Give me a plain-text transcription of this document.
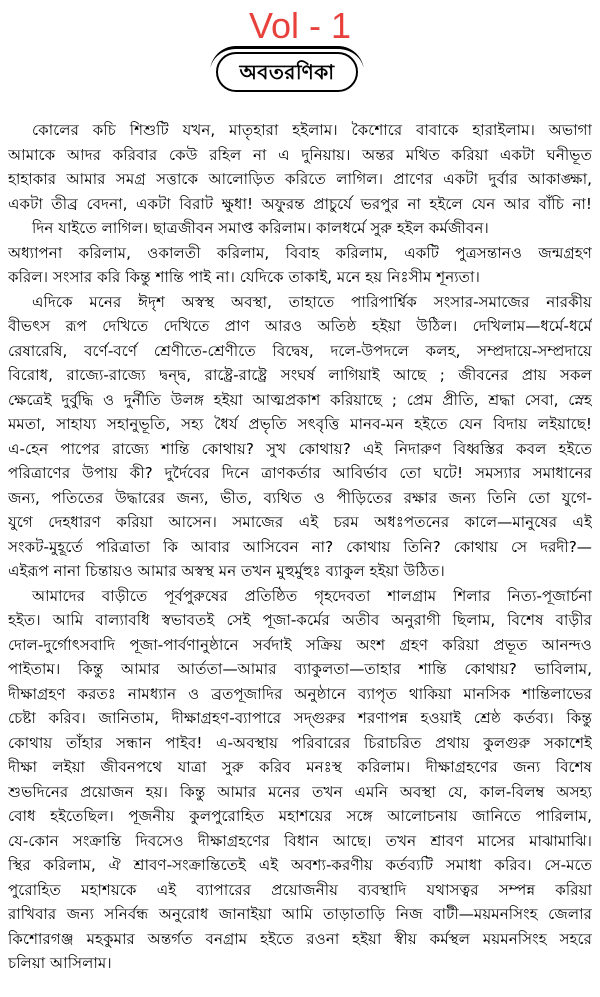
Vol - 1
অবতরণিকা
কোলের কচি শিশুটি যখন, মাতৃহারা হইলাম। কৈশোরে বাবাকে হারাইলাম। অভাগা
আমাকে আদর করিবার কেউ রহিল না এ দুনিয়ায়। অন্তর মথিত করিয়া একটা ঘনীভূত
হাহাকার আমার সমগ্র সত্তাকে আলোড়িত করিতে লাগিল। প্রাণের একটা দুর্বার আকাঙ্ক্ষা,
একটা তীব্র বেদনা, একটা বিরাট ক্ষুধা! অফুরন্ত প্রাচুর্যে ভরপুর না হইলে যেন আর বাঁচি না!
দিন যাইতে লাগিল। ছাত্রজীবন সমাপ্ত করিলাম। কালধর্মে সুরু হইল কর্মজীবন।
অধ্যাপনা করিলাম, ওকালতী করিলাম, বিবাহ করিলাম, একটি পুত্রসন্তানও জন্মগ্রহণ
করিল। সংসার করি কিন্তু শান্তি পাই না। যেদিকে তাকাই, মনে হয় নিঃসীম শূন্যতা।
এদিকে মনের ঈদৃশ অস্বস্থ অবস্থা, তাহাতে পারিপার্শ্বিক সংসার-সমাজের নারকীয়
বীভৎস রূপ দেখিতে দেখিতে প্রাণ আরও অতিষ্ঠ হইয়া উঠিল। দেখিলাম—ধর্মে-ধর্মে
রেষারেষি, বর্ণে-বর্ণে শ্রেণীতে-শ্রেণীতে বিদ্বেষ, দলে-উপদলে কলহ, সম্প্রদায়ে-সম্প্রদায়ে
বিরোধ, রাজ্যে-রাজ্যে দ্বন্দ্ব, রাষ্ট্রে-রাষ্ট্রে সংঘর্ষ লাগিয়াই আছে ; জীবনের প্রায় সকল
ক্ষেত্রেই দুর্বুদ্ধি ও দুর্নীতি উলঙ্গ হইয়া আত্মপ্রকাশ করিয়াছে ; প্রেম প্রীতি, শ্রদ্ধা সেবা, স্নেহ
মমতা, সাহায্য সহানুভূতি, সহ্য ধৈর্য প্রভৃতি সৎবৃত্তি মানব-মন হইতে যেন বিদায় লইয়াছে!
এ-হেন পাপের রাজ্যে শান্তি কোথায়? সুখ কোথায়? এই নিদারুণ বিধ্বস্তির কবল হইতে
পরিত্রাণের উপায় কী? দুর্দৈবের দিনে ত্রাণকর্তার আবির্ভাব তো ঘটে! সমস্যার সমাধানের
জন্য, পতিতের উদ্ধারের জন্য, ভীত, ব্যথিত ও পীড়িতের রক্ষার জন্য তিনি তো যুগে-
যুগে দেহধারণ করিয়া আসেন। সমাজের এই চরম অধঃপতনের কালে—মানুষের এই
সংকট-মুহূর্তে পরিত্রাতা কি আবার আসিবেন না? কোথায় তিনি? কোথায় সে দরদী?—
এইরূপ নানা চিন্তায়ও আমার অস্বস্থ মন তখন মুহুর্মুহুঃ ব্যাকুল হইয়া উঠিত।
আমাদের বাড়ীতে পূর্বপুরুষের প্রতিষ্ঠিত গৃহদেবতা শালগ্রাম শিলার নিত্য-পূজার্চনা
হইত। আমি বাল্যাবধি স্বভাবতই সেই পূজা-কর্মের অতীব অনুরাগী ছিলাম, বিশেষ বাড়ীর
দোল-দুর্গোৎসবাদি পূজা-পার্বণানুষ্ঠানে সর্বদাই সক্রিয় অংশ গ্রহণ করিয়া প্রভূত আনন্দও
পাইতাম। কিন্তু আমার আর্ততা—আমার ব্যাকুলতা—তাহার শান্তি কোথায়? ভাবিলাম,
দীক্ষাগ্রহণ করতঃ নামধ্যান ও ব্রতপূজাদির অনুষ্ঠানে ব্যাপৃত থাকিয়া মানসিক শান্তিলাভের
চেষ্টা করিব। জানিতাম, দীক্ষাগ্রহণ-ব্যাপারে সদ্গুরুর শরণাপন্ন হওয়াই শ্রেষ্ঠ কর্তব্য। কিন্তু
কোথায় তাঁহার সন্ধান পাইব! এ-অবস্থায় পরিবারের চিরাচরিত প্রথায় কুলগুরু সকাশেই
দীক্ষা লইয়া জীবনপথে যাত্রা সুরু করিব মনঃস্থ করিলাম। দীক্ষাগ্রহণের জন্য বিশেষ
শুভদিনের প্রয়োজন হয়। কিন্তু আমার মনের তখন এমনি অবস্থা যে, কাল-বিলম্ব অসহ্য
বোধ হইতেছিল। পূজনীয় কুলপুরোহিত মহাশয়ের সঙ্গে আলোচনায় জানিতে পারিলাম,
যে-কোন সংক্রান্তি দিবসেও দীক্ষাগ্রহণের বিধান আছে। তখন শ্রাবণ মাসের মাঝামাঝি।
স্থির করিলাম, ঐ শ্রাবণ-সংক্রান্তিতেই এই অবশ্য-করণীয় কর্তব্যটি সমাধা করিব। সে-মতে
পুরোহিত মহাশয়কে এই ব্যাপারের প্রয়োজনীয় ব্যবস্থাদি যথাসত্বর সম্পন্ন করিয়া
রাখিবার জন্য সনির্বন্ধ অনুরোধ জানাইয়া আমি তাড়াতাড়ি নিজ বাটী—ময়মনসিংহ জেলার
কিশোরগঞ্জ মহকুমার অন্তর্গত বনগ্রাম হইতে রওনা হইয়া স্বীয় কর্মস্থল ময়মনসিংহ সহরে
চলিয়া আসিলাম।
